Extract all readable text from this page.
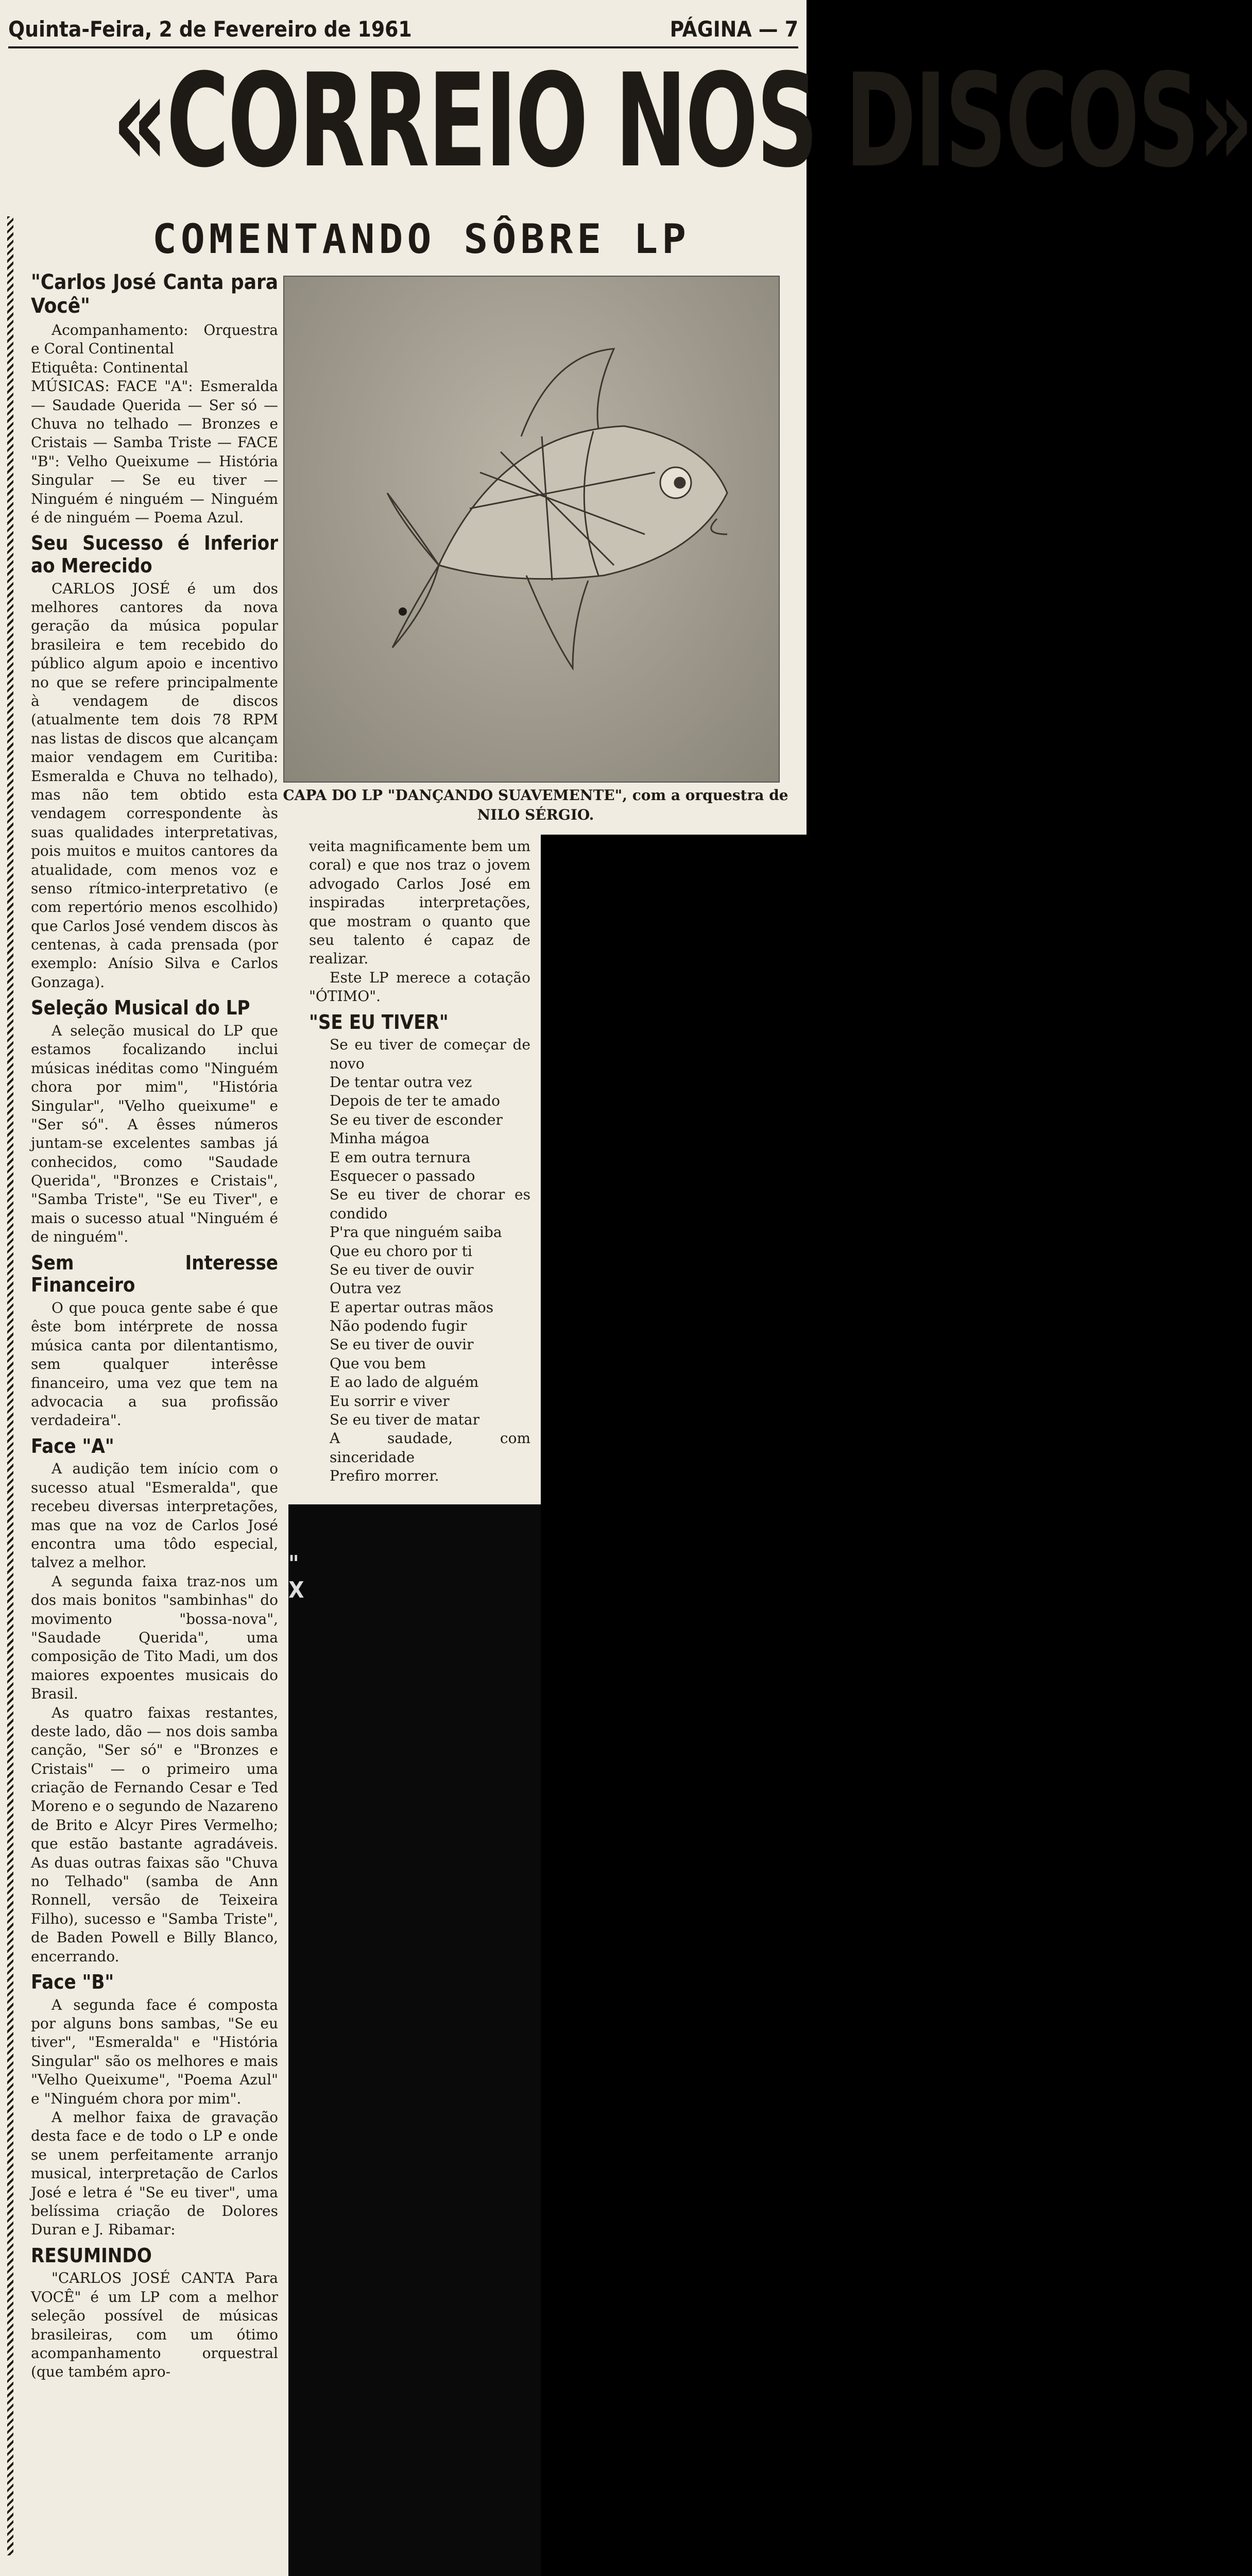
"
X
Quinta-Feira, 2 de Fevereiro de 1961	PÁGINA — 7
«CORREIO NOS DISCOS»
COMENTANDO SÔBRE LP
CAPA DO LP "DANÇANDO SUAVEMENTE", com a orquestra de NILO SÉRGIO.
"Carlos José Canta para Você"

Acompanhamento: Orquestra e Coral Continental
Etiquêta: Continental
MÚSICAS: FACE "A": Esmeralda — Saudade Querida — Ser só — Chuva no telhado — Bronzes e Cristais — Samba Triste — FACE "B": Velho Queixume — História Singular — Se eu tiver — Ninguém é ninguém — Ninguém é de ninguém — Poema Azul.

Seu Sucesso é Inferior ao Merecido

CARLOS JOSÉ é um dos melhores cantores da nova geração da música popular brasileira e tem recebido do público algum apoio e incentivo no que se refere principalmente à vendagem de discos (atualmente tem dois 78 RPM nas listas de discos que alcançam maior vendagem em Curitiba: Esmeralda e Chuva no telhado), mas não tem obtido esta vendagem correspondente às suas qualidades interpretativas, pois muitos e muitos cantores da atualidade, com menos voz e senso rítmico-interpretativo (e com repertório menos escolhido) que Carlos José vendem discos às centenas, à cada prensada (por exemplo: Anísio Silva e Carlos Gonzaga).

Seleção Musical do LP

A seleção musical do LP que estamos focalizando inclui músicas inéditas como "Ninguém chora por mim", "História Singular", "Velho queixume" e "Ser só". A êsses números juntam-se excelentes sambas já conhecidos, como "Saudade Querida", "Bronzes e Cristais", "Samba Triste", "Se eu Tiver", e mais o sucesso atual "Ninguém é de ninguém".

Sem Interesse Financeiro

O que pouca gente sabe é que êste bom intérprete de nossa música canta por dilentantismo, sem qualquer interêsse financeiro, uma vez que tem na advocacia a sua profissão verdadeira".

Face "A"

A audição tem início com o sucesso atual "Esmeralda", que recebeu diversas interpretações, mas que na voz de Carlos José encontra uma tôdo especial, talvez a melhor.

A segunda faixa traz-nos um dos mais bonitos "sambinhas" do movimento "bossa-nova", "Saudade Querida", uma composição de Tito Madi, um dos maiores expoentes musicais do Brasil.

As quatro faixas restantes, deste lado, dão — nos dois samba canção, "Ser só" e "Bronzes e Cristais" — o primeiro uma criação de Fernando Cesar e Ted Moreno e o segundo de Nazareno de Brito e Alcyr Pires Vermelho; que estão bastante agradáveis. As duas outras faixas são "Chuva no Telhado" (samba de Ann Ronnell, versão de Teixeira Filho), sucesso e "Samba Triste", de Baden Powell e Billy Blanco, encerrando.

Face "B"

A segunda face é composta por alguns bons sambas, "Se eu tiver", "Esmeralda" e "História Singular" são os melhores e mais "Velho Queixume", "Poema Azul" e "Ninguém chora por mim".

A melhor faixa de gravação desta face e de todo o LP e onde se unem perfeitamente arranjo musical, interpretação de Carlos José e letra é "Se eu tiver", uma belíssima criação de Dolores Duran e J. Ribamar:

RESUMINDO

"CARLOS JOSÉ CANTA Para VOCÊ" é um LP com a melhor seleção possível de músicas brasileiras, com um ótimo acompanhamento orquestral (que também apro-

veita magnificamente bem um coral) e que nos traz o jovem advogado Carlos José em inspiradas interpretações, que mostram o quanto que seu talento é capaz de realizar.

Este LP merece a cotação "ÓTIMO".

"SE EU TIVER"

Se eu tiver de começar de novo

De tentar outra vez

Depois de ter te amado

Se eu tiver de esconder

Minha mágoa

E em outra ternura

Esquecer o passado

Se eu tiver de chorar es condido

P'ra que ninguém saiba

Que eu choro por ti

Se eu tiver de ouvir

Outra vez

E apertar outras mãos

Não podendo fugir

Se eu tiver de ouvir

Que vou bem

E ao lado de alguém

Eu sorrir e viver

Se eu tiver de matar

A saudade, com sinceridade

Prefiro morrer.
